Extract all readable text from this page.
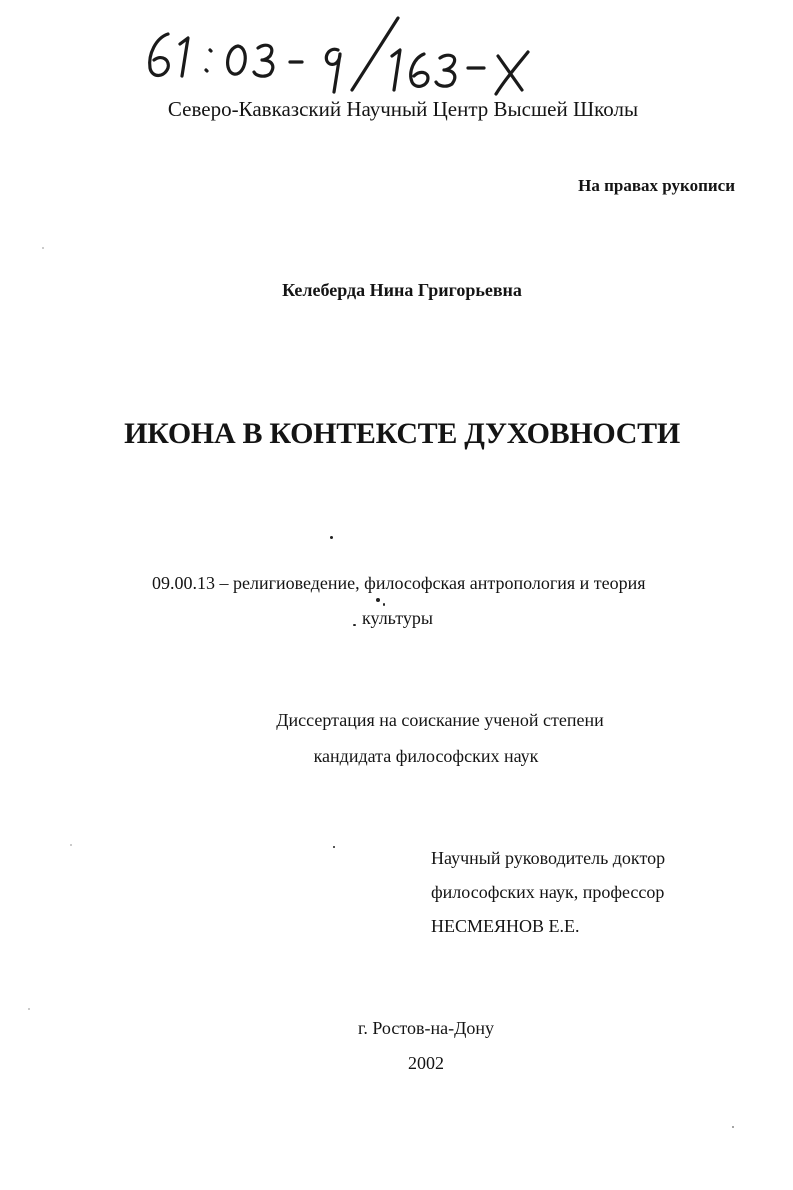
Северо-Кавказский Научный Центр Высшей Школы
На правах рукописи
Келеберда Нина Григорьевна
ИКОНА В КОНТЕКСТЕ ДУХОВНОСТИ
09.00.13 – религиоведение, философская антропология и теория
культуры
Диссертация на соискание ученой степени
кандидата философских наук
Научный руководитель доктор
философских наук, профессор
НЕСМЕЯНОВ Е.Е.
г. Ростов-на-Дону
2002
